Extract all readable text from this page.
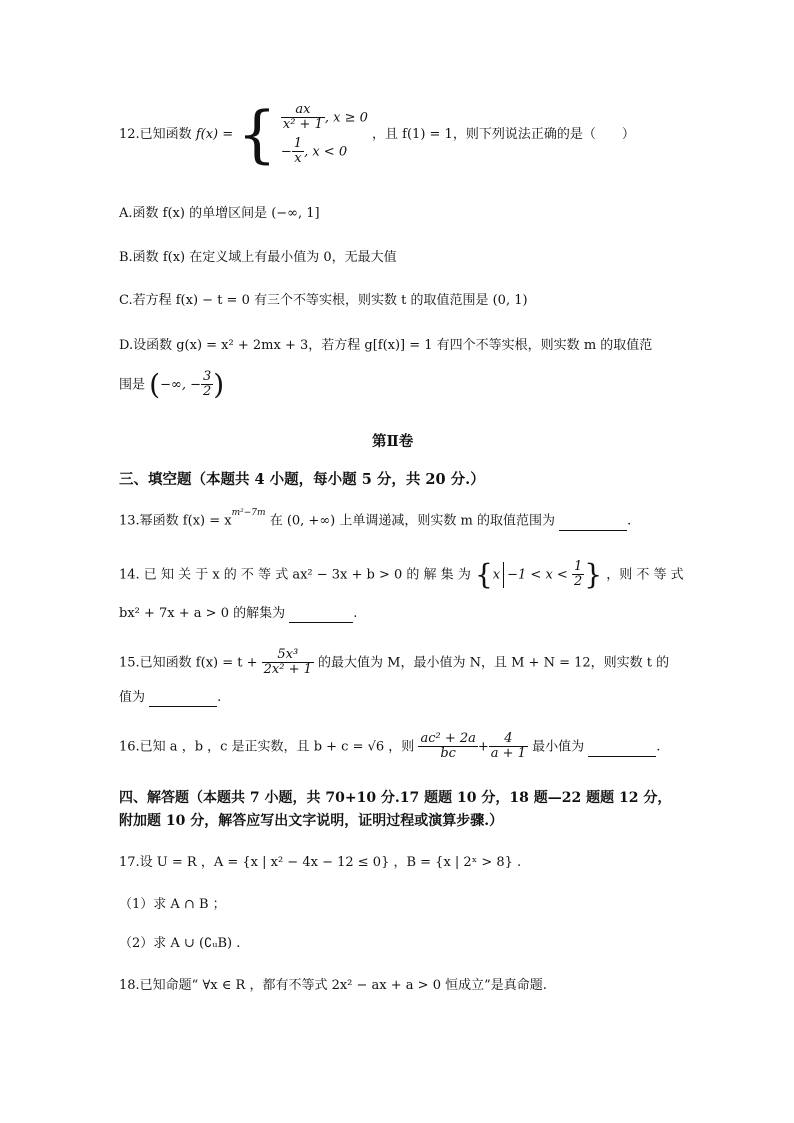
12.已知函数 f(x) = { $\frac{ax}{\text{x² + 1}}$ , x ≥ 0
− $\frac{1}{x}$ , x < 0
，且 f(1) = 1，则下列说法正确的是（　　）
A.函数 f(x) 的单增区间是 (−∞, 1]
B.函数 f(x) 在定义域上有最小值为 0，无最大值
C.若方程 f(x) − t = 0 有三个不等实根，则实数 t 的取值范围是 (0, 1)
D.设函数 g(x) = x² + 2mx + 3，若方程 g[f(x)] = 1 有四个不等实根，则实数 m 的取值范
围是 (−∞, − $\frac{3}{2}$ )
第Ⅱ卷
三、填空题（本题共 4 小题，每小题 5 分，共 20 分.）
13.幂函数 $f(x) = x^{m^2-7m}$ 在 (0, +∞) 上单调递减，则实数 m 的取值范围为	.
14. 已 知 关 于 x 的 不 等 式 ax² − 3x + b > 0 的 解 集 为 {$x -1 < x < \frac{1}{2}$ } ，则 不 等 式
bx² + 7x + a > 0 的解集为	.
15.已知函数 $f(x) = t + \frac{\text{5x³}}{\text{2x² + 1}}$ 的最大值为 M，最小值为 N，且 M + N = 12，则实数 t 的
值为	.
16.已知 a ，b ，c 是正实数，且 b + c = √6 ，则 $\frac{\text{ac² + 2a}}{bc} + \frac{4}{a + 1}$ 最小值为	.
四、解答题（本题共 7 小题，共 70+10 分.17 题题 10 分，18 题—22 题题 12 分，
附加题 10 分，解答应写出文字说明，证明过程或演算步骤.）
17.设 U = R ，A = {x | x² − 4x − 12 ≤ 0} ，B = {x | 2ˣ > 8} .
（1）求 A ∩ B ；
（2）求 A ∪ (∁ᵤB) .
18.已知命题“ ∀x ∈ R ，都有不等式 2x² − ax + a > 0 恒成立”是真命题.
